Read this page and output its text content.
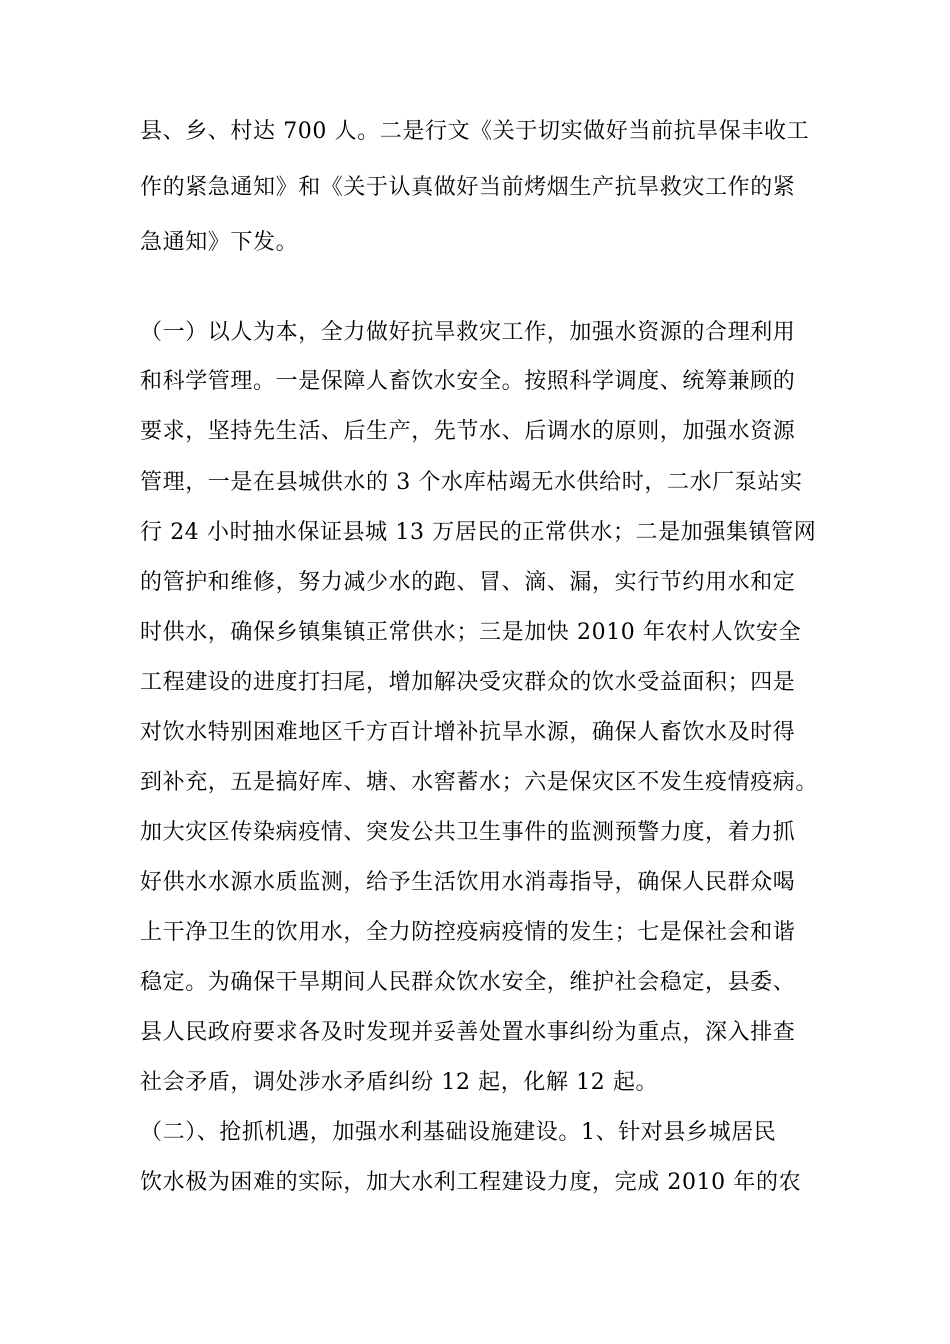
县、乡、村达 700 人。二是行文《关于切实做好当前抗旱保丰收工

作的紧急通知》和《关于认真做好当前烤烟生产抗旱救灾工作的紧

急通知》下发。

（一）以人为本，全力做好抗旱救灾工作，加强水资源的合理利用

和科学管理。一是保障人畜饮水安全。按照科学调度、统筹兼顾的

要求，坚持先生活、后生产，先节水、后调水的原则，加强水资源

管理，一是在县城供水的 3 个水库枯竭无水供给时，二水厂泵站实

行 24 小时抽水保证县城 13 万居民的正常供水；二是加强集镇管网

的管护和维修，努力减少水的跑、冒、滴、漏，实行节约用水和定

时供水，确保乡镇集镇正常供水；三是加快 2010 年农村人饮安全

工程建设的进度打扫尾，增加解决受灾群众的饮水受益面积；四是

对饮水特别困难地区千方百计增补抗旱水源，确保人畜饮水及时得

到补充，五是搞好库、塘、水窖蓄水；六是保灾区不发生疫情疫病。

加大灾区传染病疫情、突发公共卫生事件的监测预警力度，着力抓

好供水水源水质监测，给予生活饮用水消毒指导，确保人民群众喝

上干净卫生的饮用水，全力防控疫病疫情的发生；七是保社会和谐

稳定。为确保干旱期间人民群众饮水安全，维护社会稳定，县委、

县人民政府要求各及时发现并妥善处置水事纠纷为重点，深入排查

社会矛盾，调处涉水矛盾纠纷 12 起，化解 12 起。

（二）、抢抓机遇，加强水利基础设施建设。1、针对县乡城居民

饮水极为困难的实际，加大水利工程建设力度，完成 2010 年的农
